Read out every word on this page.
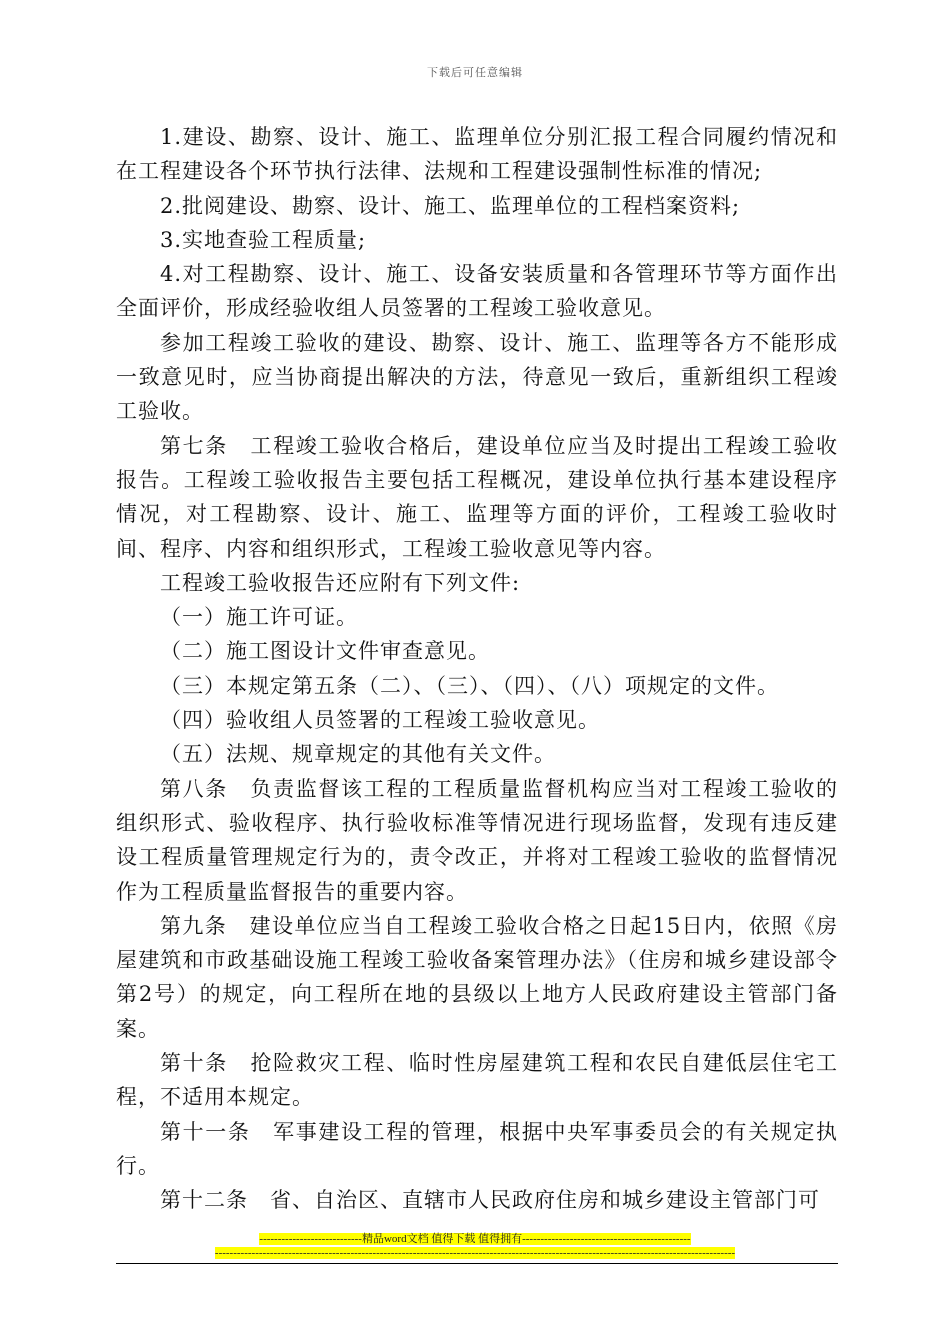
下载后可任意编辑

1.建设、勘察、设计、施工、监理单位分别汇报工程合同履约情况和在工程建设各个环节执行法律、法规和工程建设强制性标准的情况;

2.批阅建设、勘察、设计、施工、监理单位的工程档案资料;

3.实地查验工程质量;

4.对工程勘察、设计、施工、设备安装质量和各管理环节等方面作出全面评价，形成经验收组人员签署的工程竣工验收意见。

参加工程竣工验收的建设、勘察、设计、施工、监理等各方不能形成一致意见时，应当协商提出解决的方法，待意见一致后，重新组织工程竣工验收。

第七条　工程竣工验收合格后，建设单位应当及时提出工程竣工验收报告。工程竣工验收报告主要包括工程概况，建设单位执行基本建设程序情况，对工程勘察、设计、施工、监理等方面的评价，工程竣工验收时间、程序、内容和组织形式，工程竣工验收意见等内容。

工程竣工验收报告还应附有下列文件:

（一）施工许可证。

（二）施工图设计文件审查意见。

（三）本规定第五条（二）、（三）、（四）、（八）项规定的文件。

（四）验收组人员签署的工程竣工验收意见。

（五）法规、规章规定的其他有关文件。

第八条　负责监督该工程的工程质量监督机构应当对工程竣工验收的组织形式、验收程序、执行验收标准等情况进行现场监督，发现有违反建设工程质量管理规定行为的，责令改正，并将对工程竣工验收的监督情况作为工程质量监督报告的重要内容。

第九条　建设单位应当自工程竣工验收合格之日起15日内，依照《房屋建筑和市政基础设施工程竣工验收备案管理办法》（住房和城乡建设部令第2号）的规定，向工程所在地的县级以上地方人民政府建设主管部门备案。

第十条　抢险救灾工程、临时性房屋建筑工程和农民自建低层住宅工程，不适用本规定。

第十一条　军事建设工程的管理，根据中央军事委员会的有关规定执行。

第十二条　省、自治区、直辖市人民政府住房和城乡建设主管部门可

----------------------------精品word文档 值得下载 值得拥有----------------------------------------------
----------------------------------------------------------------------------------------------------------------------------------------------
